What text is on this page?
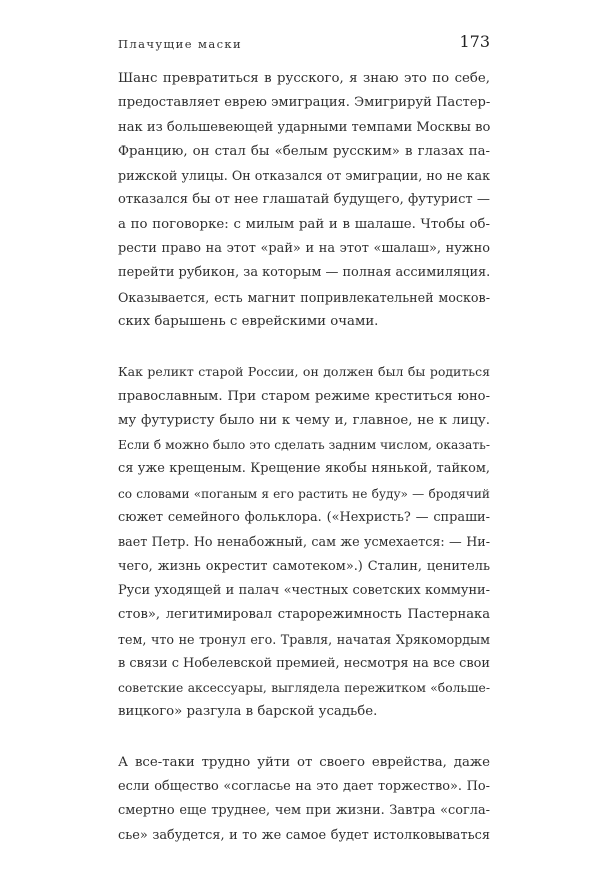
Плачущие маски	173
Шанс превратиться в русского, я знаю это по себе,
предоставляет еврею эмиграция. Эмигрируй Пастер-
нак из большевеющей ударными темпами Москвы во
Францию, он стал бы «белым русским» в глазах па-
рижской улицы. Он отказался от эмиграции, но не как
отказался бы от нее глашатай будущего, футурист —
а по поговорке: с милым рай и в шалаше. Чтобы об-
рести право на этот «рай» и на этот «шалаш», нужно
перейти рубикон, за которым — полная ассимиляция.
Оказывается, есть магнит попривлекательней москов-
ских барышень с еврейскими очами.
Как реликт старой России, он должен был бы родиться
православным. При старом режиме креститься юно-
му футуристу было ни к чему и, главное, не к лицу.
Если б можно было это сделать задним числом, оказать-
ся уже крещеным. Крещение якобы нянькой, тайком,
со словами «поганым я его растить не буду» — бродячий
сюжет семейного фольклора. («Нехристь? — спраши-
вает Петр. Но ненабожный, сам же усмехается: — Ни-
чего, жизнь окрестит самотеком».) Сталин, ценитель
Руси уходящей и палач «честных советских коммуни-
стов», легитимировал старорежимность Пастернака
тем, что не тронул его. Травля, начатая Хрякомордым
в связи с Нобелевской премией, несмотря на все свои
советские аксессуары, выглядела пережитком «больше-
вицкого» разгула в барской усадьбе.
А все-таки трудно уйти от своего еврейства, даже
если общество «согласье на это дает торжество». По-
смертно еще труднее, чем при жизни. Завтра «согла-
сье» забудется, и то же самое будет истолковываться
